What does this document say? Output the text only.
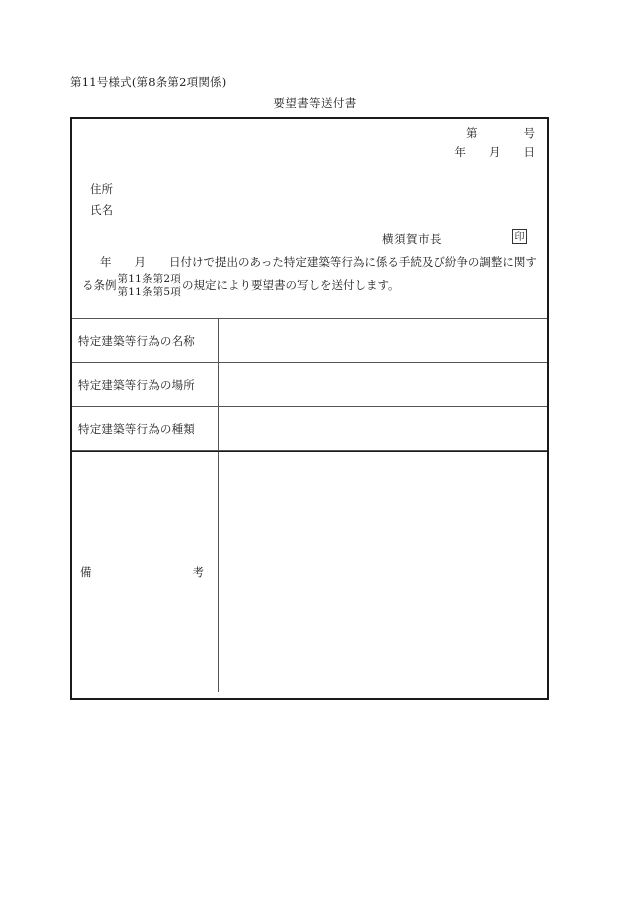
第11号様式(第8条第2項関係)
要望書等送付書
第　　　　号
年　　月　　日
住所
氏名
横須賀市長	印
年　　月　　日付けで提出のあった特定建築等行為に係る手続及び紛争の調整に関す
る条例 第11条第2項
第11条第5項 の規定により要望書の写しを送付します。
特定建築等行為の名称
特定建築等行為の場所
特定建築等行為の種類
備	考
